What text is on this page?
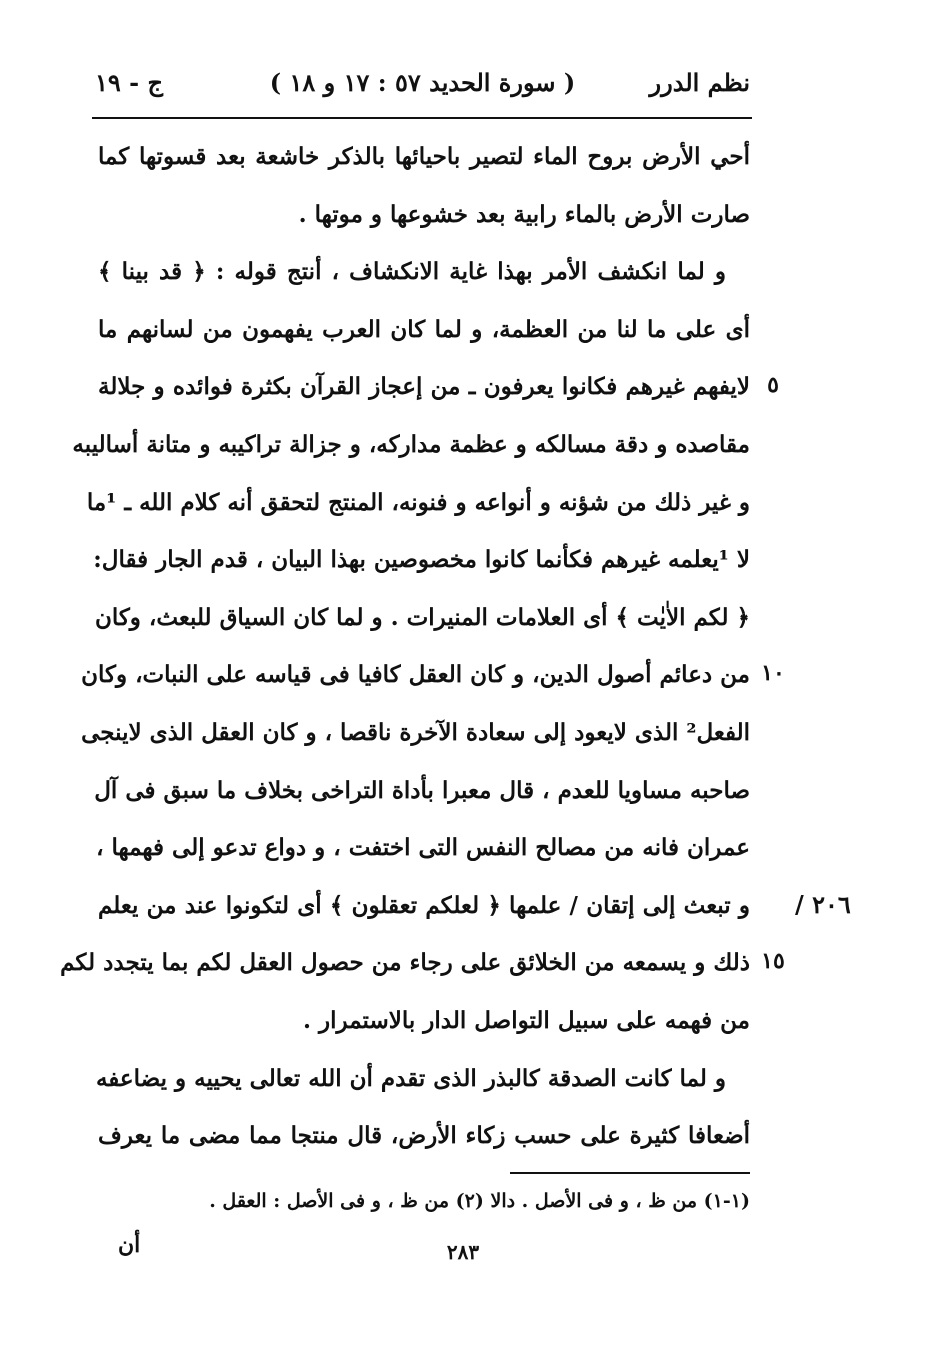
نظم الدرر
( سورة الحديد ٥٧ : ١٧ و ١٨ )
ج - ١٩
أحي الأرض بروح الماء لتصير باحيائها بالذكر خاشعة بعد قسوتها كما
صارت الأرض بالماء رابية بعد خشوعها و موتها .
و لما انكشف الأمر بهذا غاية الانكشاف ، أنتج قوله : ﴿ قد بينا ﴾
أى على ما لنا من العظمة، و لما كان العرب يفهمون من لسانهم ما
لايفهم غيرهم فكانوا يعرفون ـ من إعجاز القرآن بكثرة فوائده و جلالة
مقاصده و دقة مسالكه و عظمة مداركه، و جزالة تراكيبه و متانة أساليبه
و غير ذلك من شؤنه و أنواعه و فنونه، المنتج لتحقق أنه كلام الله ـ ¹ما
لا ¹يعلمه غيرهم فكأنما كانوا مخصوصين بهذا البيان ، قدم الجار فقال:
﴿ لكم الاٰيٰت ﴾ أى العلامات المنيرات . و لما كان السياق للبعث، وكان
من دعائم أصول الدين، و كان العقل كافيا فى قياسه على النبات، وكان
الفعل² الذى لايعود إلى سعادة الآخرة ناقصا ، و كان العقل الذى لاينجى
صاحبه مساويا للعدم ، قال معبرا بأداة التراخى بخلاف ما سبق فى آل
عمران فانه من مصالح النفس التى اختفت ، و دواع تدعو إلى فهمها ،
و تبعث إلى إتقان / علمها ﴿ لعلكم تعقلون ﴾ أى لتكونوا عند من يعلم
ذلك و يسمعه من الخلائق على رجاء من حصول العقل لكم بما يتجدد لكم
من فهمه على سبيل التواصل الدار بالاستمرار .
و لما كانت الصدقة كالبذر الذى تقدم أن الله تعالى يحييه و يضاعفه
أضعافا كثيرة على حسب زكاء الأرض، قال منتجا مما مضى ما يعرف
٥
١٠
١٥
٢٠٦ /
(١-١) من ظ ، و فى الأصل . دالا (٢) من ظ ، و فى الأصل : العقل .
أن	٢٨٣
